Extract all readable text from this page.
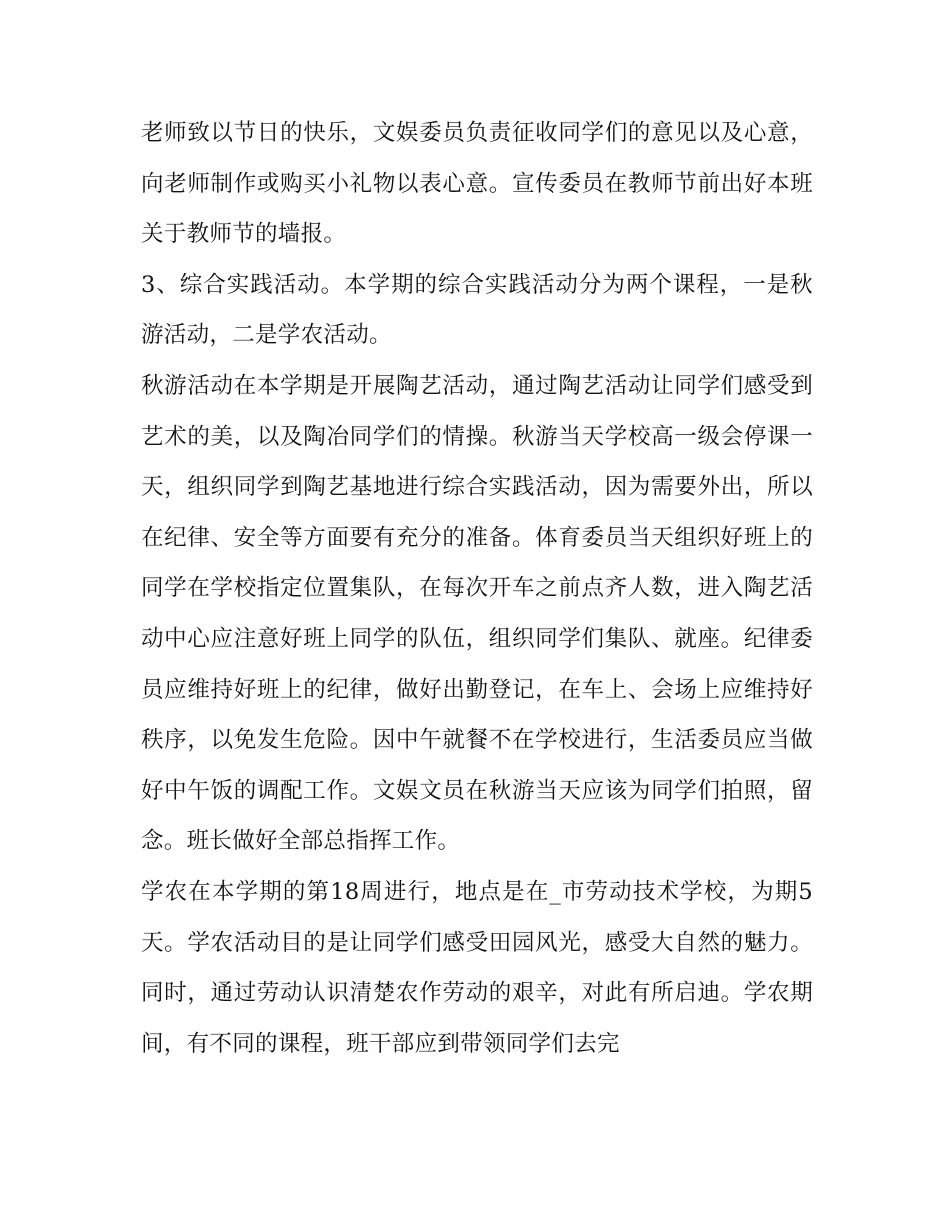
老师致以节日的快乐，文娱委员负责征收同学们的意见以及心意，向老师制作或购买小礼物以表心意。宣传委员在教师节前出好本班关于教师节的墙报。

3、综合实践活动。本学期的综合实践活动分为两个课程，一是秋游活动，二是学农活动。

秋游活动在本学期是开展陶艺活动，通过陶艺活动让同学们感受到艺术的美，以及陶冶同学们的情操。秋游当天学校高一级会停课一天，组织同学到陶艺基地进行综合实践活动，因为需要外出，所以在纪律、安全等方面要有充分的准备。体育委员当天组织好班上的同学在学校指定位置集队，在每次开车之前点齐人数，进入陶艺活动中心应注意好班上同学的队伍，组织同学们集队、就座。纪律委员应维持好班上的纪律，做好出勤登记，在车上、会场上应维持好秩序，以免发生危险。因中午就餐不在学校进行，生活委员应当做好中午饭的调配工作。文娱文员在秋游当天应该为同学们拍照，留念。班长做好全部总指挥工作。

学农在本学期的第18周进行，地点是在_市劳动技术学校，为期5天。学农活动目的是让同学们感受田园风光，感受大自然的魅力。同时，通过劳动认识清楚农作劳动的艰辛，对此有所启迪。学农期间，有不同的课程，班干部应到带领同学们去完
